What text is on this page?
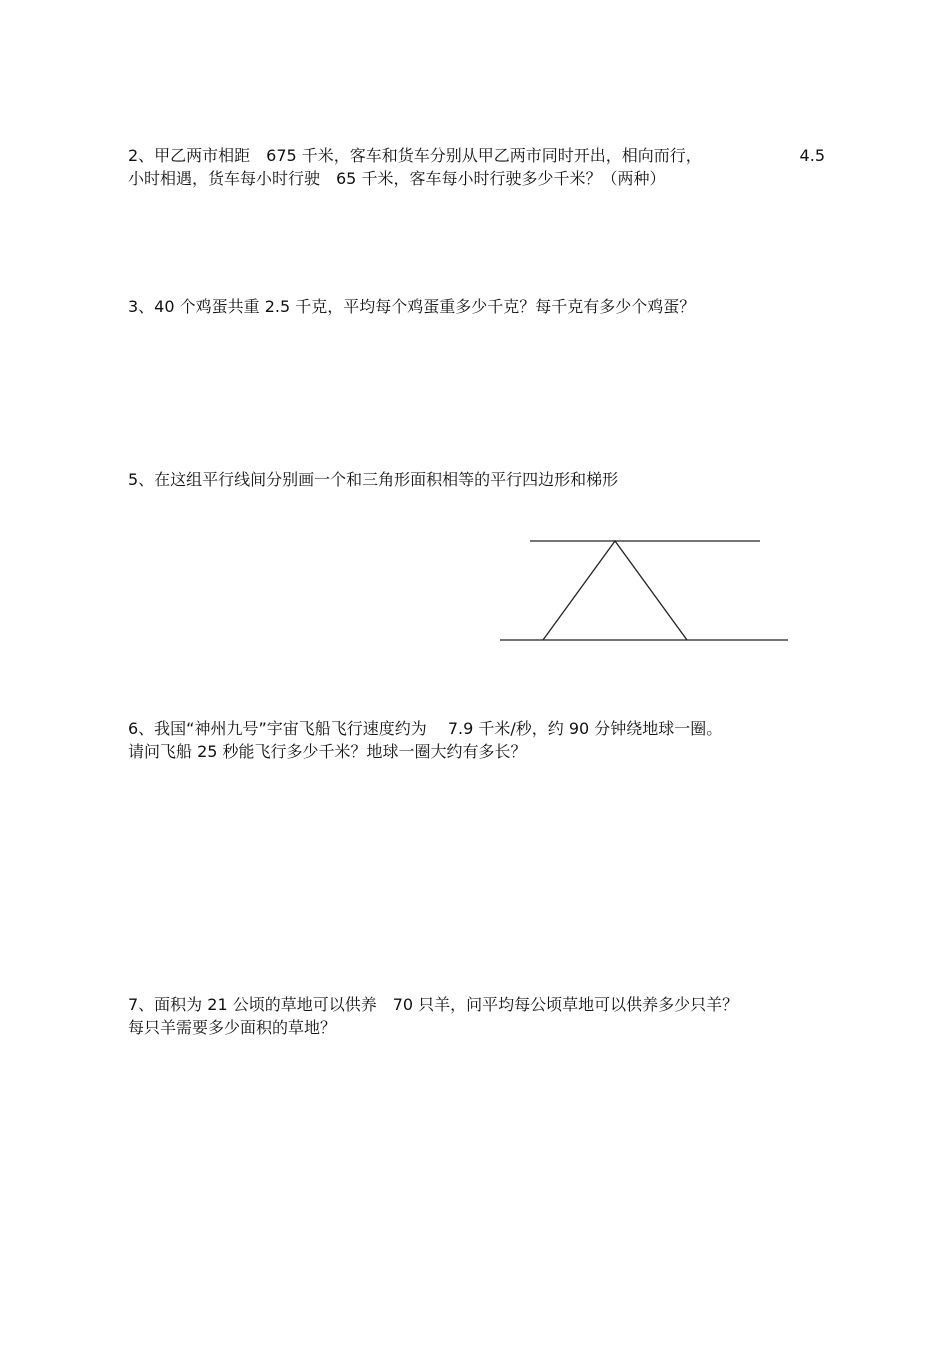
2、甲乙两市相距　675 千米，客车和货车分别从甲乙两市同时开出，相向而行，	4.5
小时相遇，货车每小时行驶　65 千米，客车每小时行驶多少千米？（两种）
3、40 个鸡蛋共重 2.5 千克，平均每个鸡蛋重多少千克？每千克有多少个鸡蛋？
5、在这组平行线间分别画一个和三角形面积相等的平行四边形和梯形
6、我国“神州九号”宇宙飞船飞行速度约为　 7.9 千米/秒，约 90 分钟绕地球一圈。
请问飞船 25 秒能飞行多少千米？地球一圈大约有多长？
7、面积为 21 公顷的草地可以供养　70 只羊，问平均每公顷草地可以供养多少只羊？
每只羊需要多少面积的草地？
